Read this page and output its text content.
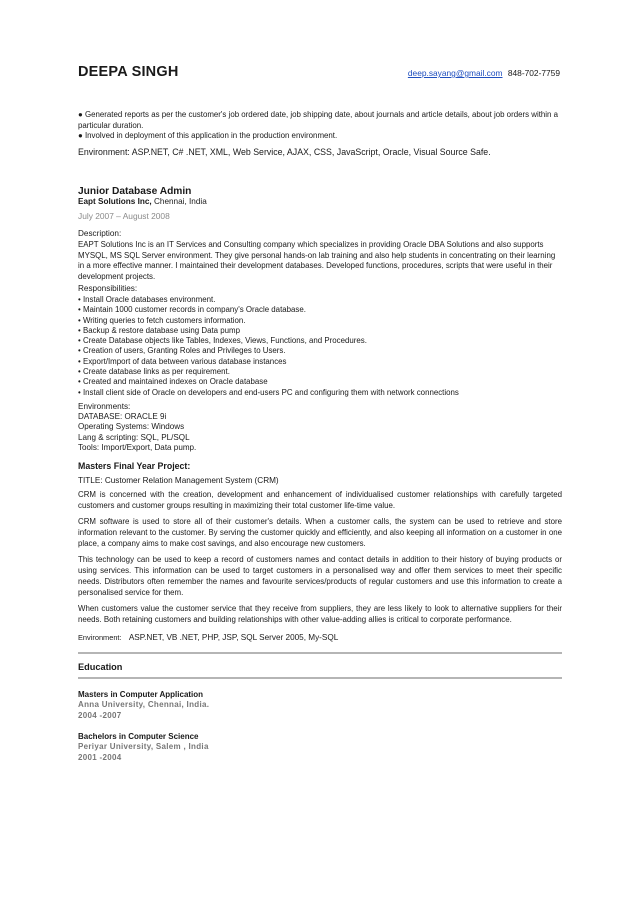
DEEPA SINGH	deep.sayang@gmail.com 848-702-7759
● Generated reports as per the customer's job ordered date, job shipping date, about journals and article details, about job orders within a particular duration.
● Involved in deployment of this application in the production environment.
Environment: ASP.NET, C# .NET, XML, Web Service, AJAX, CSS, JavaScript, Oracle, Visual Source Safe.
Junior Database Admin
Eapt Solutions Inc, Chennai, India
July 2007 – August 2008
Description:
EAPT Solutions Inc is an IT Services and Consulting company which specializes in providing Oracle DBA Solutions and also supports MYSQL, MS SQL Server environment. They give personal hands-on lab training and also help students in concentrating on their learning in a more effective manner. I maintained their development databases. Developed functions, procedures, scripts that were useful in their development projects.
Responsibilities:
• Install Oracle databases environment.
• Maintain 1000 customer records in company's Oracle database.
• Writing queries to fetch customers information.
• Backup & restore database using Data pump
• Create Database objects like Tables, Indexes, Views, Functions, and Procedures.
• Creation of users, Granting Roles and Privileges to Users.
• Export/Import of data between various database instances
• Create database links as per requirement.
• Created and maintained indexes on Oracle database
• Install client side of Oracle on developers and end-users PC and configuring them with network connections
Environments:
DATABASE: ORACLE 9i
Operating Systems: Windows
Lang & scripting: SQL, PL/SQL
Tools: Import/Export, Data pump.
Masters Final Year Project:
TITLE: Customer Relation Management System (CRM)

CRM is concerned with the creation, development and enhancement of individualised customer relationships with carefully targeted customers and customer groups resulting in maximizing their total customer life-time value.

CRM software is used to store all of their customer's details. When a customer calls, the system can be used to retrieve and store information relevant to the customer. By serving the customer quickly and efficiently, and also keeping all information on a customer in one place, a company aims to make cost savings, and also encourage new customers.

This technology can be used to keep a record of customers names and contact details in addition to their history of buying products or using services. This information can be used to target customers in a personalised way and offer them services to meet their specific needs. Distributors often remember the names and favourite services/products of regular customers and use this information to create a personalised service for them.

When customers value the customer service that they receive from suppliers, they are less likely to look to alternative suppliers for their needs. Both retaining customers and building relationships with other value-adding allies is critical to corporate performance.

Environment: ASP.NET, VB .NET, PHP, JSP, SQL Server 2005, My-SQL
Education
Masters in Computer Application
Anna University, Chennai, India.
2004 -2007
Bachelors in Computer Science
Periyar University, Salem , India
2001 -2004
